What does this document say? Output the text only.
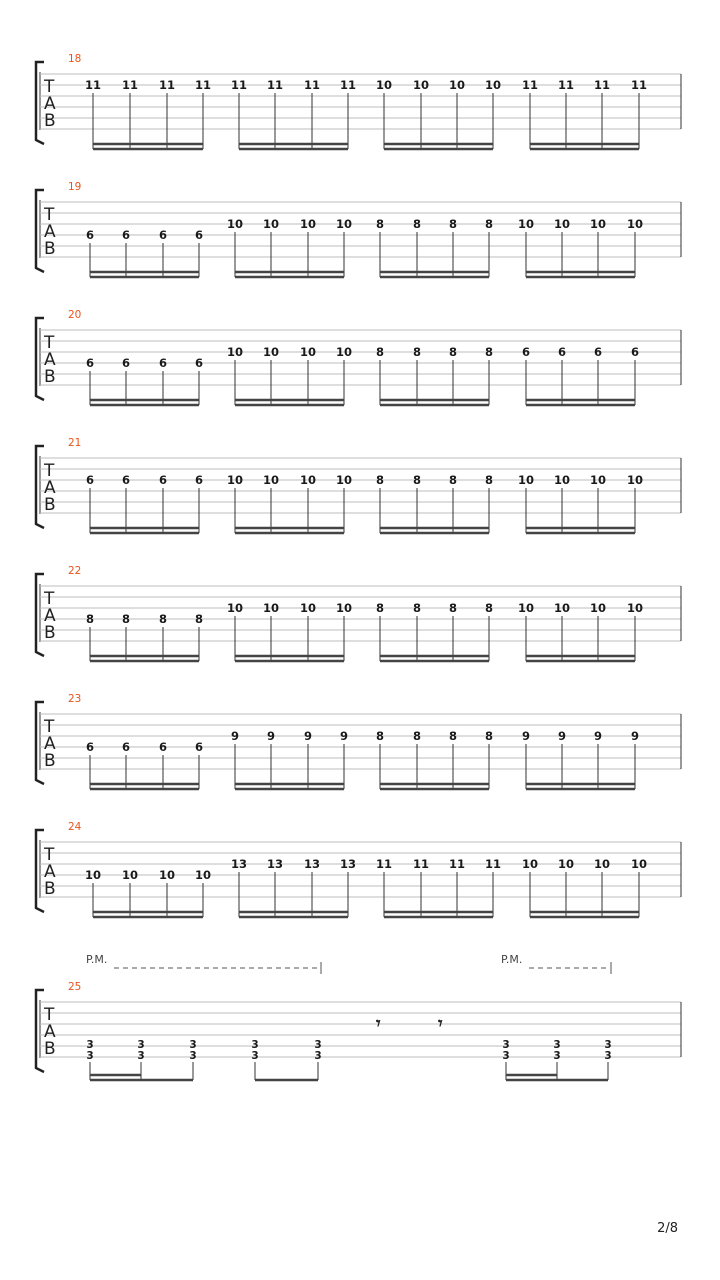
18
T
A
B
11 11 11 11 11 11 11 11 10 10 10 10 11 11 11 11
19
T
A
B
6 6	6 6
10 10 10 10 8	8 8 8 10 10 10 10
20
T
A
B
6 6	6 6
10 10 10 10 8	8 8 8	6 6 6	6
21
T
A
B
6 6	6 6 10 10 10 10 8	8 8 8 10 10 10 10
22
T
A
B
8 8	8 8
10 10 10 10 8	8 8 8 10 10 10 10
23
T
A
B
6 6	6 6
9 9	9 9 8	8 8 8	9 9 9	9
24
T
A
B
10 10 10 10
13 13 13 13 11 11 11 11 10 10 10 10
25
T
A
B
P.M.	P.M.
3
3
3
3
3
3
3
3
3
3
3
3
3
3
3
3
𝄾	𝄾
2/8
